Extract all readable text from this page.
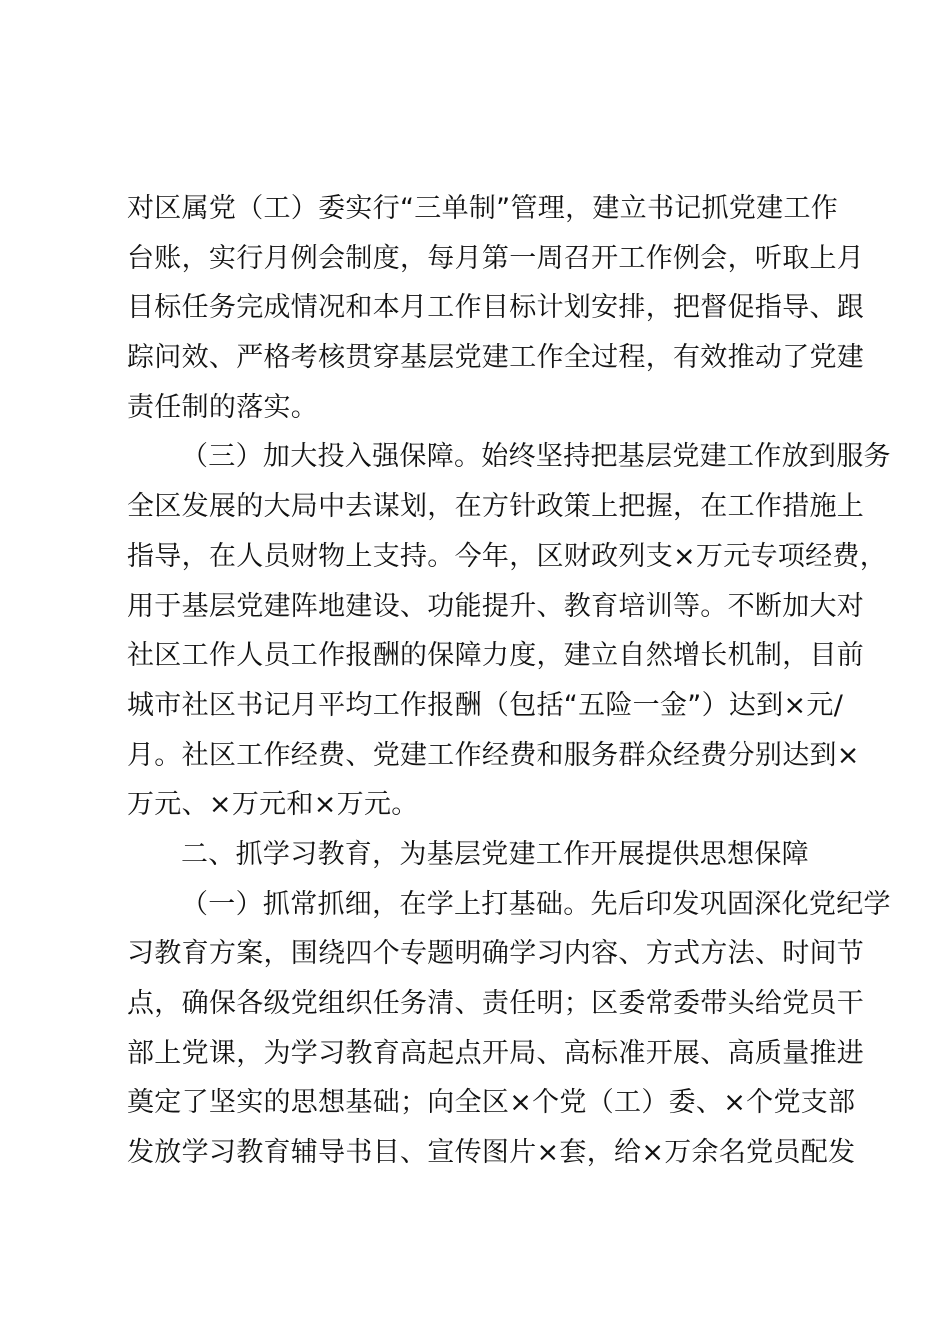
对区属党（工）委实行“三单制”管理，建立书记抓党建工作
台账，实行月例会制度，每月第一周召开工作例会，听取上月
目标任务完成情况和本月工作目标计划安排，把督促指导、跟
踪问效、严格考核贯穿基层党建工作全过程，有效推动了党建
责任制的落实。
（三）加大投入强保障。始终坚持把基层党建工作放到服务
全区发展的大局中去谋划，在方针政策上把握，在工作措施上
指导，在人员财物上支持。今年，区财政列支×万元专项经费，
用于基层党建阵地建设、功能提升、教育培训等。不断加大对
社区工作人员工作报酬的保障力度，建立自然增长机制，目前
城市社区书记月平均工作报酬（包括“五险一金”）达到×元/
月。社区工作经费、党建工作经费和服务群众经费分别达到×
万元、×万元和×万元。
二、抓学习教育，为基层党建工作开展提供思想保障
（一）抓常抓细，在学上打基础。先后印发巩固深化党纪学
习教育方案，围绕四个专题明确学习内容、方式方法、时间节
点，确保各级党组织任务清、责任明；区委常委带头给党员干
部上党课，为学习教育高起点开局、高标准开展、高质量推进
奠定了坚实的思想基础；向全区×个党（工）委、×个党支部
发放学习教育辅导书目、宣传图片×套，给×万余名党员配发
